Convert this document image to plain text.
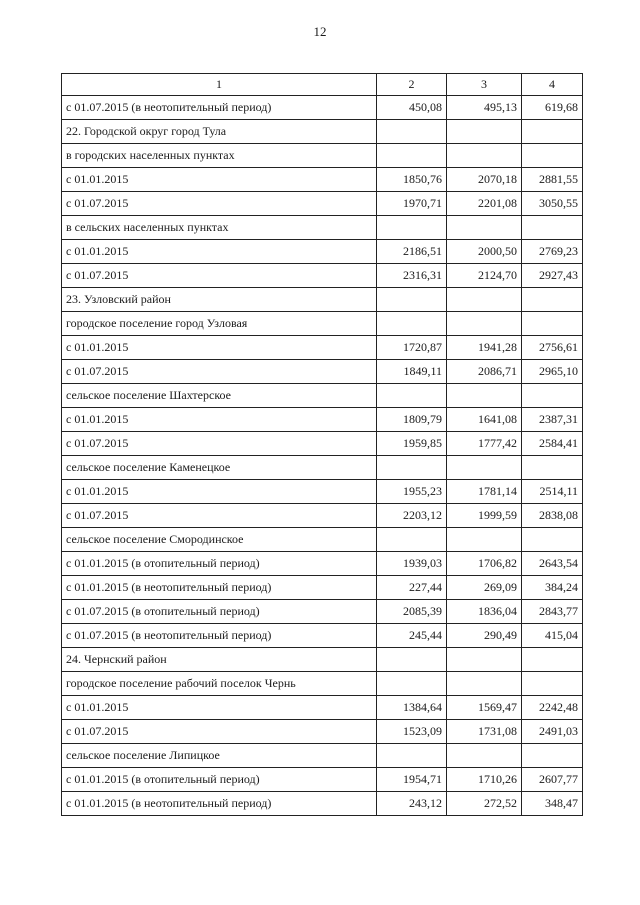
12
1	2	3	4
с 01.07.2015 (в неотопительный период)	450,08	495,13	619,68
22. Городской округ город Тула			
в городских населенных пунктах			
с 01.01.2015	1850,76	2070,18	2881,55
с 01.07.2015	1970,71	2201,08	3050,55
в сельских населенных пунктах			
с 01.01.2015	2186,51	2000,50	2769,23
с 01.07.2015	2316,31	2124,70	2927,43
23. Узловский район			
городское поселение город Узловая			
с 01.01.2015	1720,87	1941,28	2756,61
с 01.07.2015	1849,11	2086,71	2965,10
сельское поселение Шахтерское			
с 01.01.2015	1809,79	1641,08	2387,31
с 01.07.2015	1959,85	1777,42	2584,41
сельское поселение Каменецкое			
с 01.01.2015	1955,23	1781,14	2514,11
с 01.07.2015	2203,12	1999,59	2838,08
сельское поселение Смородинское			
с 01.01.2015 (в отопительный период)	1939,03	1706,82	2643,54
с 01.01.2015 (в неотопительный период)	227,44	269,09	384,24
с 01.07.2015 (в отопительный период)	2085,39	1836,04	2843,77
с 01.07.2015 (в неотопительный период)	245,44	290,49	415,04
24. Чернский район			
городское поселение рабочий поселок Чернь			
с 01.01.2015	1384,64	1569,47	2242,48
с 01.07.2015	1523,09	1731,08	2491,03
сельское поселение Липицкое			
с 01.01.2015 (в отопительный период)	1954,71	1710,26	2607,77
с 01.01.2015 (в неотопительный период)	243,12	272,52	348,47
